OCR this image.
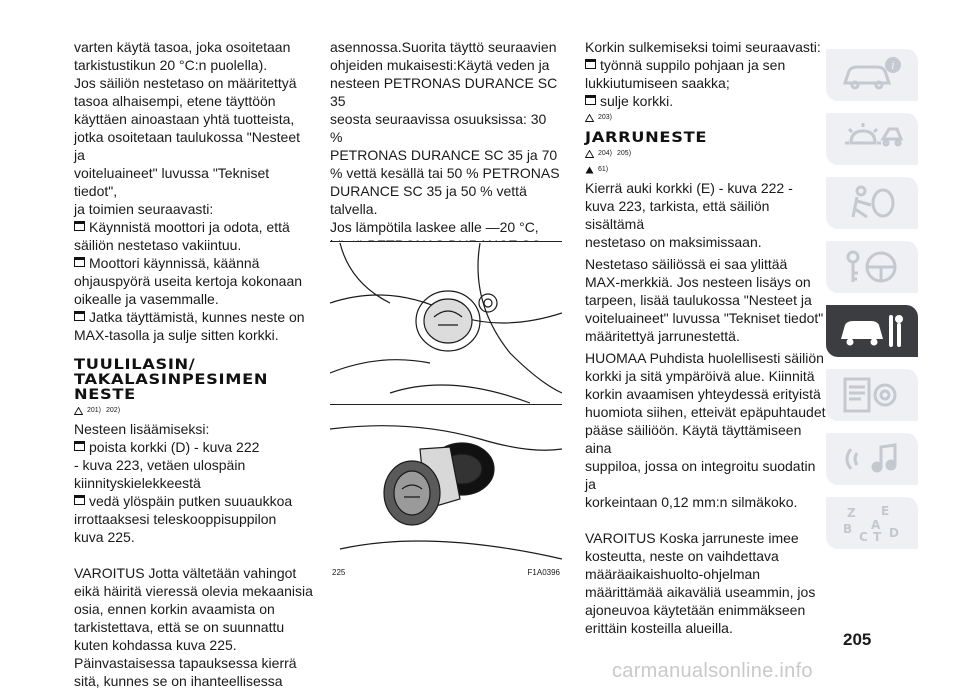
varten käytä tasoa, joka osoitetaan

tarkistustikun 20 °C:n puolella).

Jos säiliön nestetaso on määritettyä

tasoa alhaisempi, etene täyttöön

käyttäen ainoastaan yhtä tuotteista,

jotka osoitetaan taulukossa "Nesteet ja

voiteluaineet" luvussa "Tekniset tiedot",

ja toimien seuraavasti:

Käynnistä moottori ja odota, että

säiliön nestetaso vakiintuu.

Moottori käynnissä, käännä

ohjauspyörä useita kertoja kokonaan

oikealle ja vasemmalle.

Jatka täyttämistä, kunnes neste on

MAX-tasolla ja sulje sitten korkki.

TUULILASIN/
TAKALASINPESIMEN
NESTE
201) 202)

Nesteen lisäämiseksi:

poista korkki (D) - kuva 222

- kuva 223, vetäen ulospäin

kiinnityskielekkeestä

vedä ylöspäin putken suuaukkoa

irrottaaksesi teleskooppisuppilon

kuva 225.

VAROITUS Jotta vältetään vahingot

eikä häiritä vieressä olevia mekaanisia

osia, ennen korkin avaamista on

tarkistettava, että se on suunnattu

kuten kohdassa kuva 225.

Päinvastaisessa tapauksessa kierrä

sitä, kunnes se on ihanteellisessa

asennossa.Suorita täyttö seuraavien

ohjeiden mukaisesti:Käytä veden ja

nesteen PETRONAS DURANCE SC 35

seosta seuraavissa osuuksissa: 30 %

PETRONAS DURANCE SC 35 ja 70

% vettä kesällä tai 50 % PETRONAS

DURANCE SC 35 ja 50 % vettä talvella.

Jos lämpötila laskee alle —20 °C,

225	F1A0396

Korkin sulkemiseksi toimi seuraavasti:

työnnä suppilo pohjaan ja sen

lukkiutumiseen saakka;

sulje korkki.

203)
JARRUNESTE
204) 205)
61)

Kierrä auki korkki (E) - kuva 222 -

kuva 223, tarkista, että säiliön sisältämä

nestetaso on maksimissaan.

Nestetaso säiliössä ei saa ylittää

MAX-merkkiä. Jos nesteen lisäys on

tarpeen, lisää taulukossa "Nesteet ja

voiteluaineet" luvussa "Tekniset tiedot"

määritettyä jarrunestettä.

HUOMAA Puhdista huolellisesti säiliön

korkki ja sitä ympäröivä alue. Kiinnitä

korkin avaamisen yhteydessä erityistä

huomiota siihen, etteivät epäpuhtaudet

pääse säiliöön. Käytä täyttämiseen aina

suppiloa, jossa on integroitu suodatin ja

korkeintaan 0,12 mm:n silmäkoko.

VAROITUS Koska jarruneste imee

kosteutta, neste on vaihdettava

määräaikaishuolto-ohjelman

määrittämää aikaväliä useammin, jos

ajoneuvoa käytetään enimmäkseen

erittäin kosteilla alueilla.

i
Z E
A
B
C T D
205
carmanualsonline.info
